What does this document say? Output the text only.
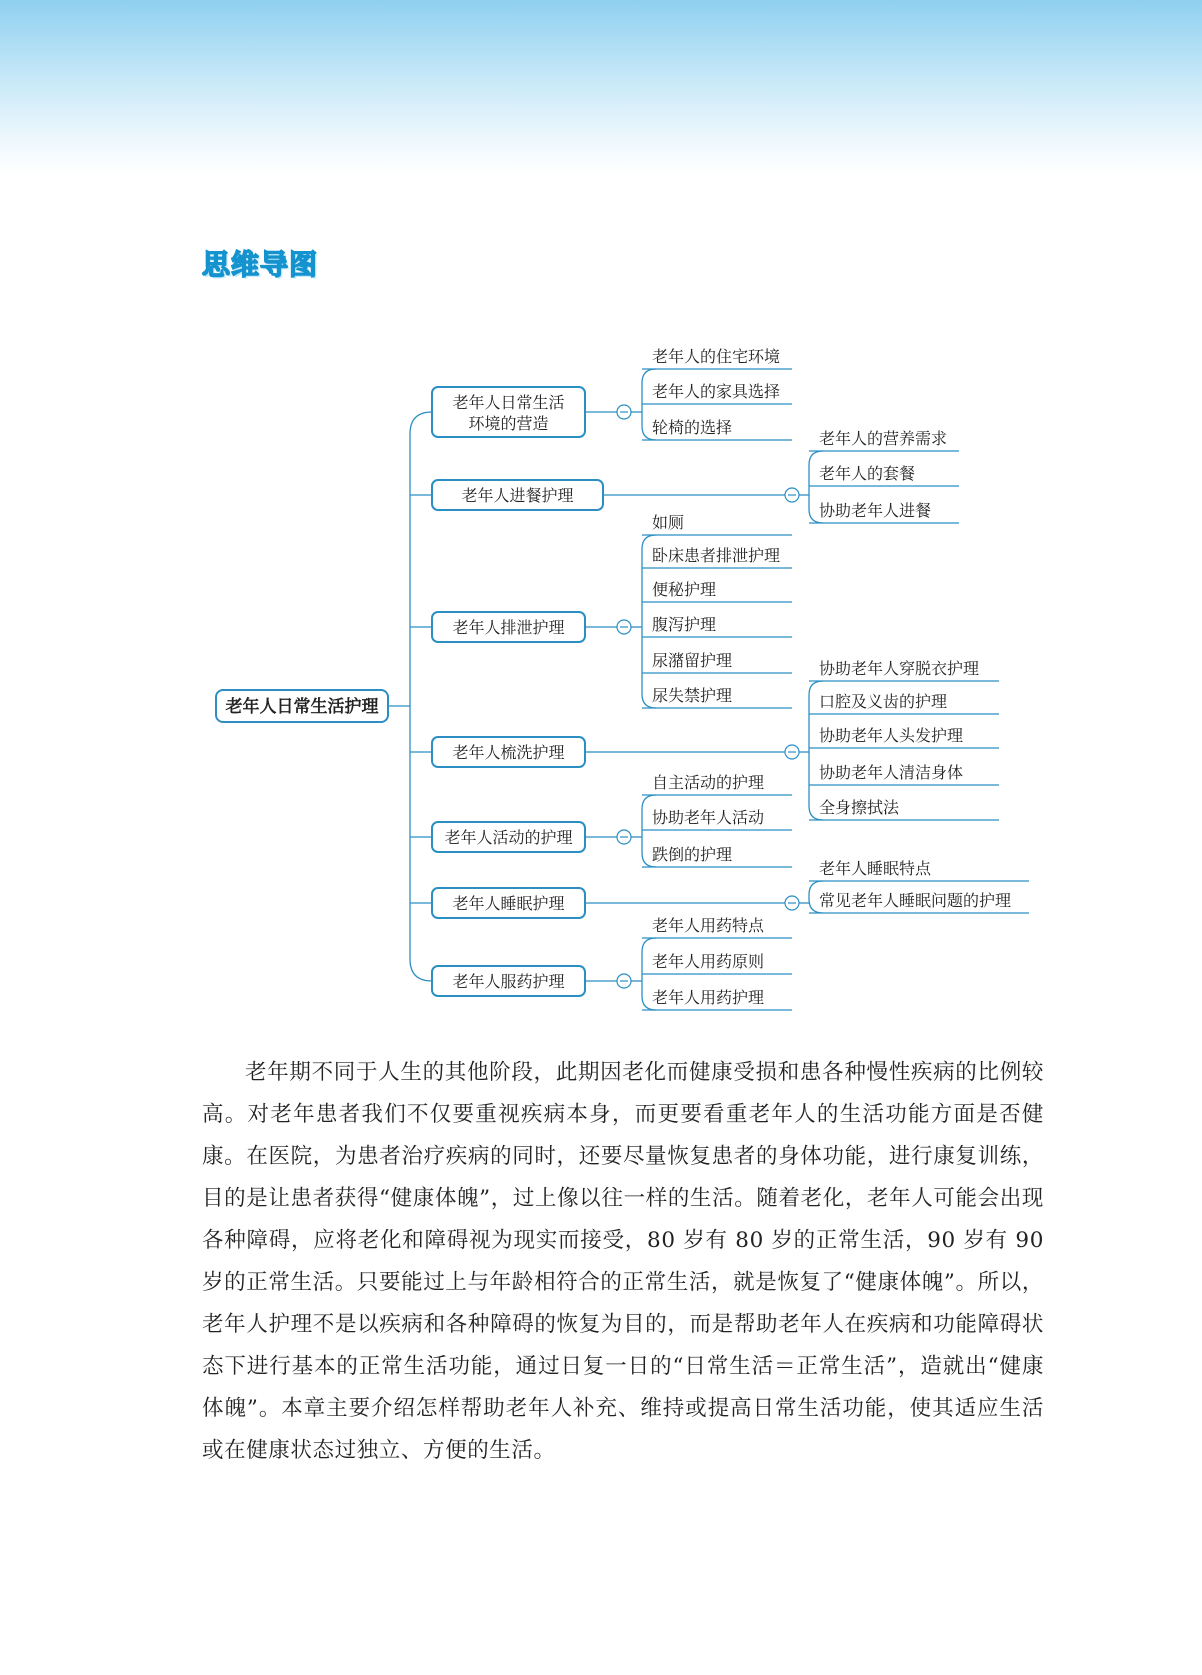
思维导图
老年人日常生活护理
老年人日常生活
环境的营造
老年人的住宅环境
老年人的家具选择
轮椅的选择
老年人进餐护理
老年人的营养需求
老年人的套餐
协助老年人进餐
老年人排泄护理
如厕
卧床患者排泄护理
便秘护理
腹泻护理
尿潴留护理
尿失禁护理
老年人梳洗护理
协助老年人穿脱衣护理
口腔及义齿的护理
协助老年人头发护理
协助老年人清洁身体
全身擦拭法
老年人活动的护理
自主活动的护理
协助老年人活动
跌倒的护理
老年人睡眠护理
老年人睡眠特点
常见老年人睡眠问题的护理
老年人服药护理
老年人用药特点
老年人用药原则
老年人用药护理

老年期不同于人生的其他阶段，此期因老化而健康受损和患各种慢性疾病的比例较高。对老年患者我们不仅要重视疾病本身，而更要看重老年人的生活功能方面是否健康。在医院，为患者治疗疾病的同时，还要尽量恢复患者的身体功能，进行康复训练，目的是让患者获得“健康体魄”，过上像以往一样的生活。随着老化，老年人可能会出现各种障碍，应将老化和障碍视为现实而接受，80 岁有 80 岁的正常生活，90 岁有 90 岁的正常生活。只要能过上与年龄相符合的正常生活，就是恢复了“健康体魄”。所以，老年人护理不是以疾病和各种障碍的恢复为目的，而是帮助老年人在疾病和功能障碍状态下进行基本的正常生活功能，通过日复一日的“日常生活＝正常生活”，造就出“健康体魄”。本章主要介绍怎样帮助老年人补充、维持或提高日常生活功能，使其适应生活或在健康状态过独立、方便的生活。
